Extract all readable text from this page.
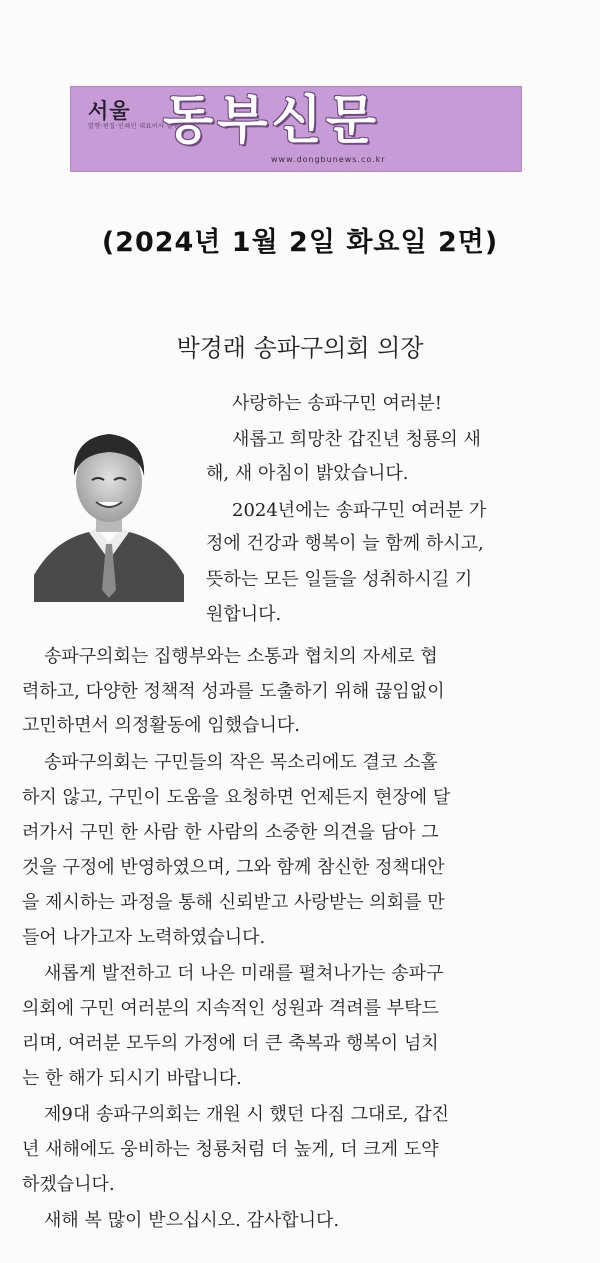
서울
발행·편집·인쇄인 대표이사 발행일
동부신문
www.dongbunews.co.kr
(2024년 1월 2일 화요일 2면)
박경래 송파구의회 의장
사랑하는 송파구민 여러분!
새롭고 희망찬 갑진년 청룡의 새
해, 새 아침이 밝았습니다.
2024년에는 송파구민 여러분 가
정에 건강과 행복이 늘 함께 하시고,
뜻하는 모든 일들을 성취하시길 기
원합니다.
송파구의회는 집행부와는 소통과 협치의 자세로 협
력하고, 다양한 정책적 성과를 도출하기 위해 끊임없이
고민하면서 의정활동에 임했습니다.
송파구의회는 구민들의 작은 목소리에도 결코 소홀
하지 않고, 구민이 도움을 요청하면 언제든지 현장에 달
려가서 구민 한 사람 한 사람의 소중한 의견을 담아 그
것을 구정에 반영하였으며, 그와 함께 참신한 정책대안
을 제시하는 과정을 통해 신뢰받고 사랑받는 의회를 만
들어 나가고자 노력하였습니다.
새롭게 발전하고 더 나은 미래를 펼쳐나가는 송파구
의회에 구민 여러분의 지속적인 성원과 격려를 부탁드
리며, 여러분 모두의 가정에 더 큰 축복과 행복이 넘치
는 한 해가 되시기 바랍니다.
제9대 송파구의회는 개원 시 했던 다짐 그대로, 갑진
년 새해에도 웅비하는 청룡처럼 더 높게, 더 크게 도약
하겠습니다.
새해 복 많이 받으십시오. 감사합니다.
